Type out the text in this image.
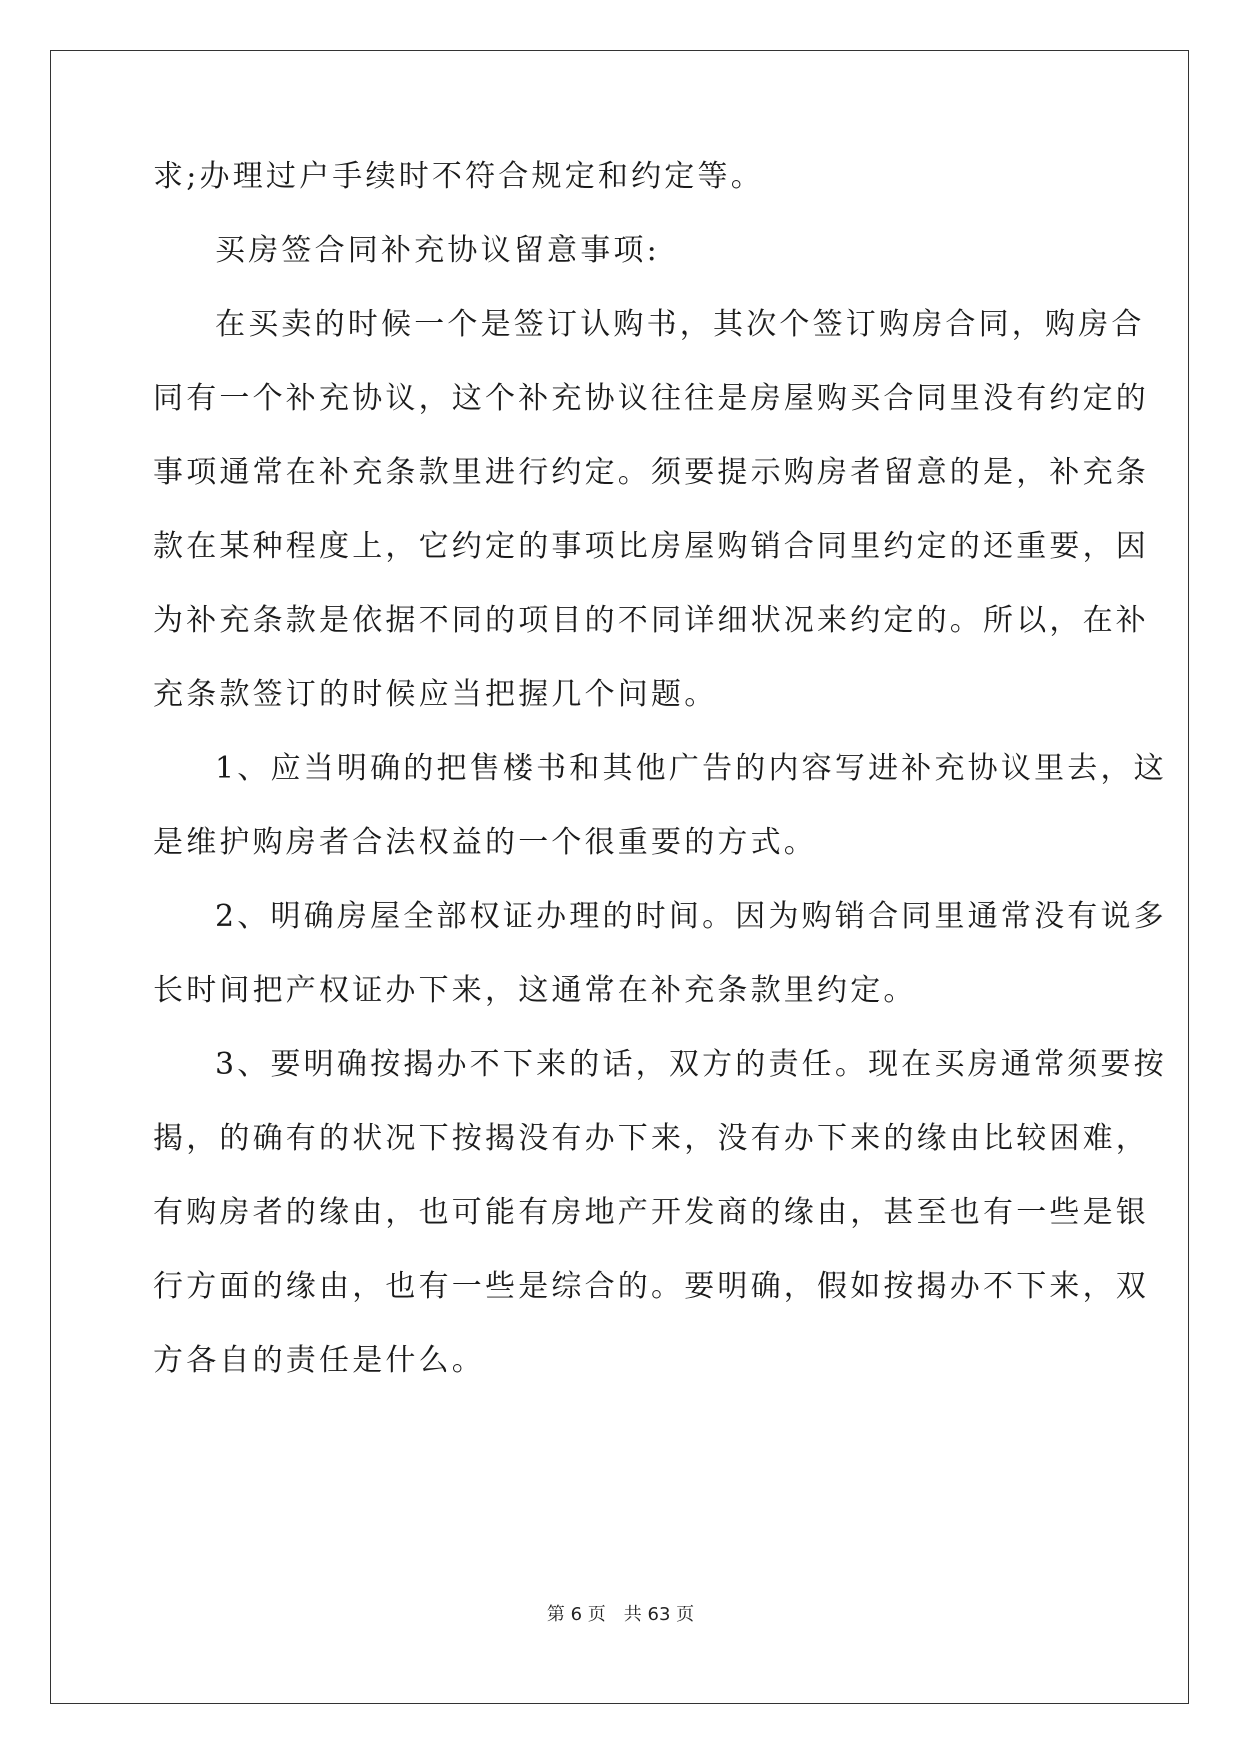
求;办理过户手续时不符合规定和约定等。
买房签合同补充协议留意事项:
在买卖的时候一个是签订认购书，其次个签订购房合同，购房合
同有一个补充协议，这个补充协议往往是房屋购买合同里没有约定的
事项通常在补充条款里进行约定。须要提示购房者留意的是，补充条
款在某种程度上，它约定的事项比房屋购销合同里约定的还重要，因
为补充条款是依据不同的项目的不同详细状况来约定的。所以，在补
充条款签订的时候应当把握几个问题。
1、应当明确的把售楼书和其他广告的内容写进补充协议里去，这
是维护购房者合法权益的一个很重要的方式。
2、明确房屋全部权证办理的时间。因为购销合同里通常没有说多
长时间把产权证办下来，这通常在补充条款里约定。
3、要明确按揭办不下来的话，双方的责任。现在买房通常须要按
揭，的确有的状况下按揭没有办下来，没有办下来的缘由比较困难，
有购房者的缘由，也可能有房地产开发商的缘由，甚至也有一些是银
行方面的缘由，也有一些是综合的。要明确，假如按揭办不下来，双
方各自的责任是什么。
第 6 页 共 63 页
